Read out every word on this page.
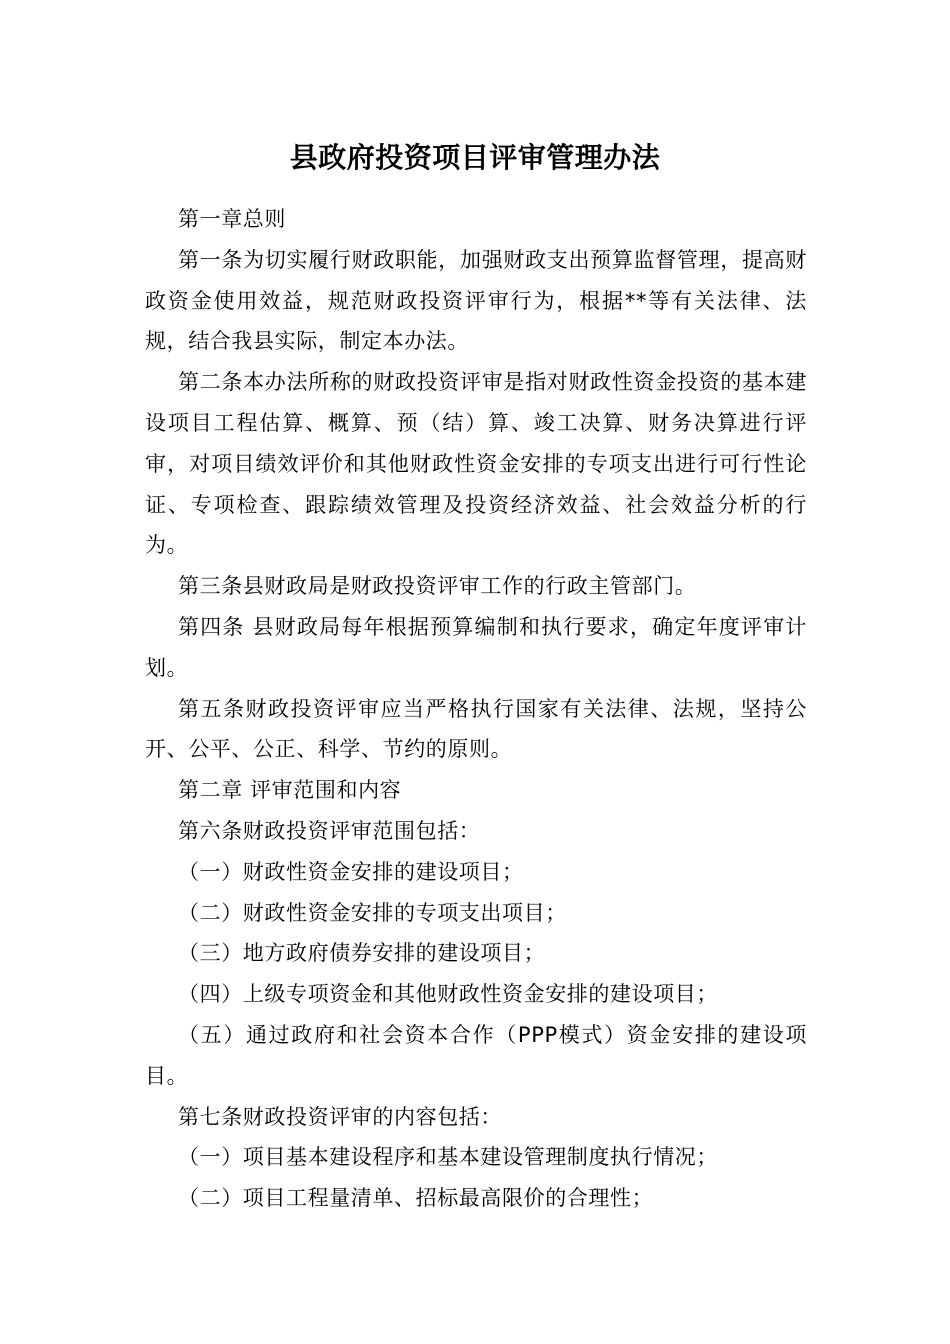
县政府投资项目评审管理办法

第一章总则

第一条为切实履行财政职能，加强财政支出预算监督管理，提高财政资金使用效益，规范财政投资评审行为，根据**等有关法律、法规，结合我县实际，制定本办法。

第二条本办法所称的财政投资评审是指对财政性资金投资的基本建设项目工程估算、概算、预（结）算、竣工决算、财务决算进行评审，对项目绩效评价和其他财政性资金安排的专项支出进行可行性论证、专项检查、跟踪绩效管理及投资经济效益、社会效益分析的行为。

第三条县财政局是财政投资评审工作的行政主管部门。

第四条 县财政局每年根据预算编制和执行要求，确定年度评审计划。

第五条财政投资评审应当严格执行国家有关法律、法规，坚持公开、公平、公正、科学、节约的原则。

第二章 评审范围和内容

第六条财政投资评审范围包括：

（一）财政性资金安排的建设项目；

（二）财政性资金安排的专项支出项目；

（三）地方政府债券安排的建设项目；

（四）上级专项资金和其他财政性资金安排的建设项目；

（五）通过政府和社会资本合作（PPP模式）资金安排的建设项目。

第七条财政投资评审的内容包括：

（一）项目基本建设程序和基本建设管理制度执行情况；

（二）项目工程量清单、招标最高限价的合理性；
